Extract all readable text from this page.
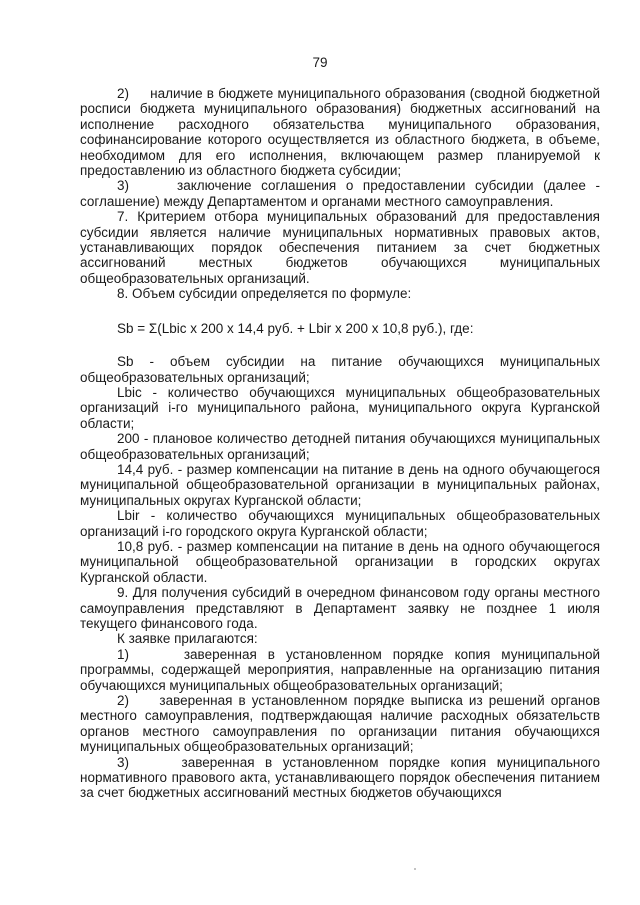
79

2)     наличие в бюджете муниципального образования (сводной бюджетной росписи бюджета муниципального образования) бюджетных ассигнований на исполнение расходного обязательства муниципального образования, софинансирование которого осуществляется из областного бюджета, в объеме, необходимом для его исполнения, включающем размер планируемой к предоставлению из областного бюджета субсидии;

3)     заключение соглашения о предоставлении субсидии (далее - соглашение) между Департаментом и органами местного самоуправления.

7. Критерием отбора муниципальных образований для предоставления субсидии является наличие муниципальных нормативных правовых актов, устанавливающих порядок обеспечения питанием за счет бюджетных ассигнований местных бюджетов обучающихся муниципальных общеобразовательных организаций.

8. Объем субсидии определяется по формуле:

Sb = Σ(Lbic x 200 x 14,4 руб. + Lbir x 200 x 10,8 руб.), где:

Sb - объем субсидии на питание обучающихся муниципальных общеобразовательных организаций;

Lbic - количество обучающихся муниципальных общеобразовательных организаций i-го муниципального района, муниципального округа Курганской области;

200 - плановое количество детодней питания обучающихся муниципальных общеобразовательных организаций;

14,4 руб. - размер компенсации на питание в день на одного обучающегося муниципальной общеобразовательной организации в муниципальных районах, муниципальных округах Курганской области;

Lbir - количество обучающихся муниципальных общеобразовательных организаций i-го городского округа Курганской области;

10,8 руб. - размер компенсации на питание в день на одного обучающегося муниципальной общеобразовательной организации в городских округах Курганской области.

9. Для получения субсидий в очередном финансовом году органы местного самоуправления представляют в Департамент заявку не позднее 1 июля текущего финансового года.

К заявке прилагаются:

1)     заверенная в установленном порядке копия муниципальной программы, содержащей мероприятия, направленные на организацию питания обучающихся муниципальных общеобразовательных организаций;

2)     заверенная в установленном порядке выписка из решений органов местного самоуправления, подтверждающая наличие расходных обязательств органов местного самоуправления по организации питания обучающихся муниципальных общеобразовательных организаций;

3)     заверенная в установленном порядке копия муниципального нормативного правового акта, устанавливающего порядок обеспечения питанием за счет бюджетных ассигнований местных бюджетов обучающихся
